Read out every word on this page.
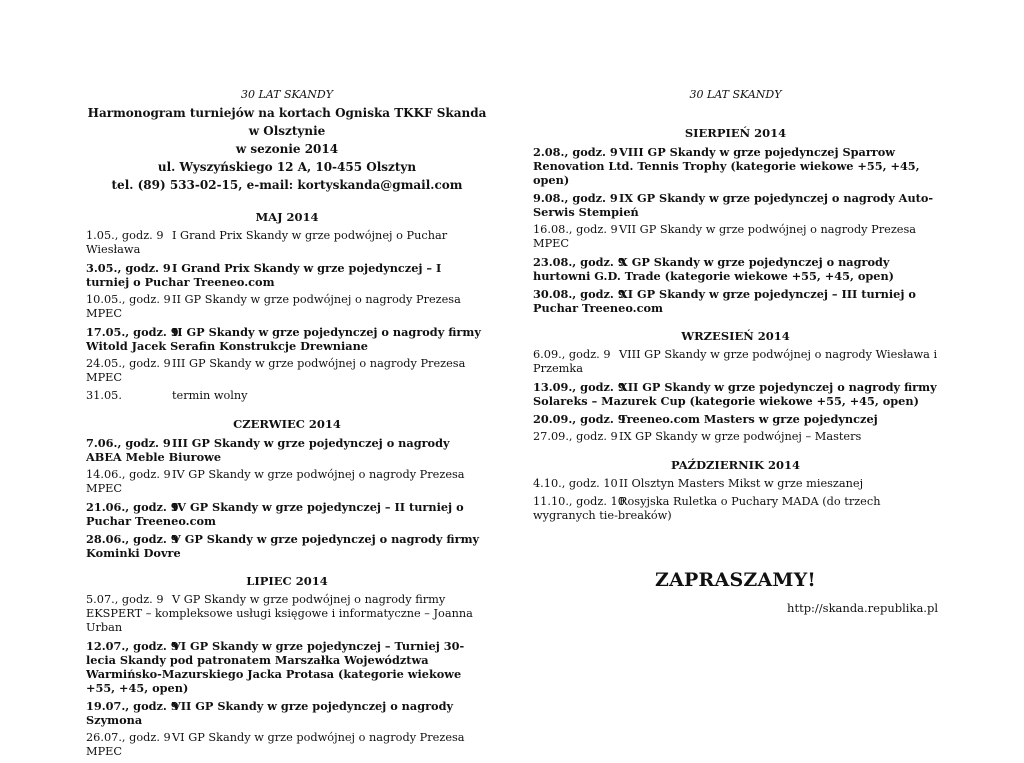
30 LAT SKANDY
Harmonogram turniejów na kortach Ogniska TKKF Skanda w Olsztynie
w sezonie 2014
ul. Wyszyńskiego 12 A, 10-455 Olsztyn
tel. (89) 533-02-15, e-mail: kortyskanda@gmail.com
MAJ 2014
1.05., godz. 9 I Grand Prix Skandy w grze podwójnej o Puchar Wiesława
3.05., godz. 9 I Grand Prix Skandy w grze pojedynczej – I turniej o Puchar Treeneo.com
10.05., godz. 9 II GP Skandy w grze podwójnej o nagrody Prezesa MPEC
17.05., godz. 9
II GP Skandy w grze pojedynczej o nagrody firmy Witold Jacek Serafin Konstrukcje Drewniane
24.05., godz. 9 III GP Skandy w grze podwójnej o nagrody Prezesa MPEC
31.05.	termin wolny
CZERWIEC 2014
7.06., godz. 9 III GP Skandy w grze pojedynczej o nagrody ABEA Meble Biurowe
14.06., godz. 9 IV GP Skandy w grze podwójnej o nagrody Prezesa MPEC
21.06., godz. 9
IV GP Skandy w grze pojedynczej – II turniej o Puchar Treeneo.com
28.06., godz. 9
V GP Skandy w grze pojedynczej o nagrody firmy Kominki Dovre
LIPIEC 2014
5.07., godz. 9 V GP Skandy w grze podwójnej o nagrody firmy EKSPERT – kompleksowe usługi księgowe i informatyczne – Joanna Urban
12.07., godz. 9
VI GP Skandy w grze pojedynczej – Turniej 30-lecia Skandy pod patronatem Marszałka Województwa Warmińsko-Mazurskiego Jacka Protasa (kategorie wiekowe +55, +45, open)
19.07., godz. 9
VII GP Skandy w grze pojedynczej o nagrody Szymona
26.07., godz. 9 VI GP Skandy w grze podwójnej o nagrody Prezesa MPEC
30 LAT SKANDY
SIERPIEŃ 2014
2.08., godz. 9 VIII GP Skandy w grze pojedynczej Sparrow Renovation Ltd. Tennis Trophy (kategorie wiekowe +55, +45, open)
9.08., godz. 9 IX GP Skandy w grze pojedynczej o nagrody Auto-Serwis Stempień
16.08., godz. 9 VII GP Skandy w grze podwójnej o nagrody Prezesa MPEC
23.08., godz. 9
X GP Skandy w grze pojedynczej o nagrody hurtowni G.D. Trade (kategorie wiekowe +55, +45, open)
30.08., godz. 9
XI GP Skandy w grze pojedynczej – III turniej o Puchar Treeneo.com
WRZESIEŃ 2014
6.09., godz. 9 VIII GP Skandy w grze podwójnej o nagrody Wiesława i Przemka
13.09., godz. 9
XII GP Skandy w grze pojedynczej o nagrody firmy Solareks – Mazurek Cup (kategorie wiekowe +55, +45, open)
20.09., godz. 9
Treeneo.com Masters w grze pojedynczej
27.09., godz. 9 IX GP Skandy w grze podwójnej – Masters
PAŹDZIERNIK 2014
4.10., godz. 10 II Olsztyn Masters Mikst w grze mieszanej
11.10., godz. 10
Rosyjska Ruletka o Puchary MADA (do trzech wygranych tie-breaków)
ZAPRASZAMY!
http://skanda.republika.pl
